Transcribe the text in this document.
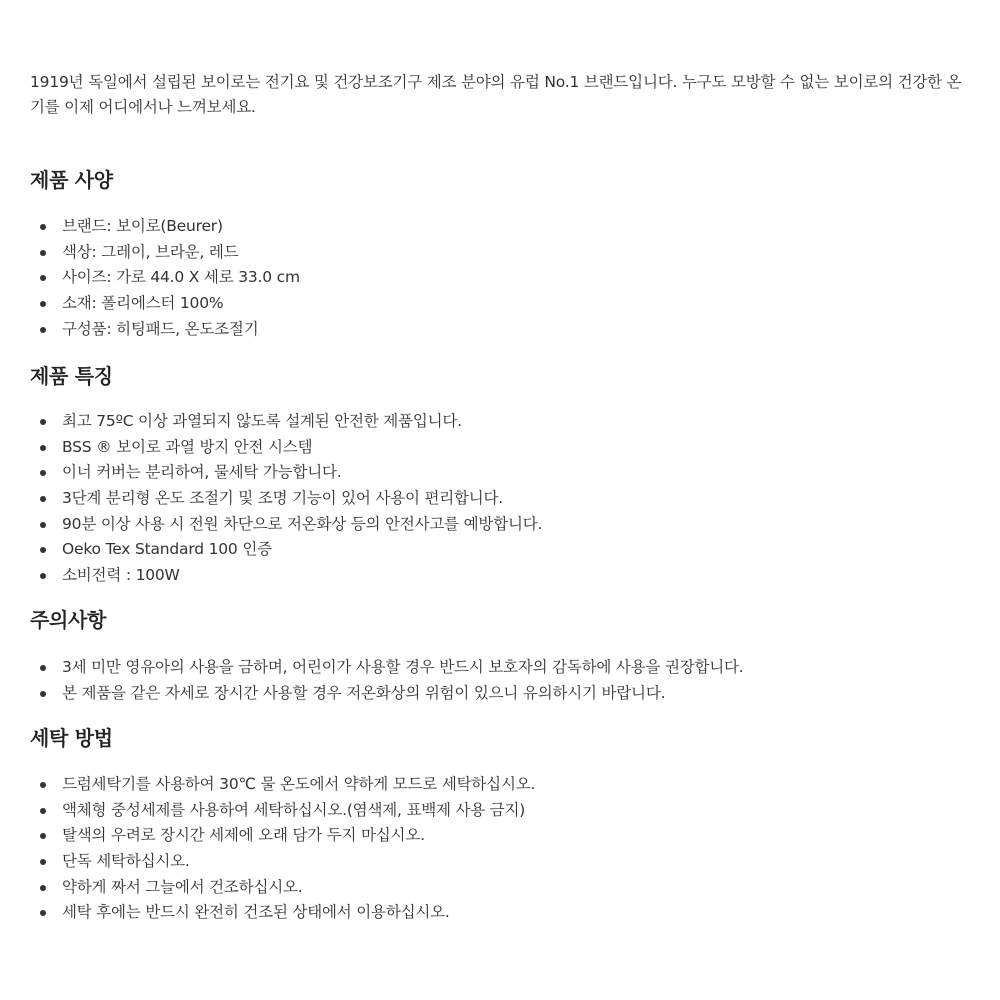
1919년 독일에서 설립된 보이로는 전기요 및 건강보조기구 제조 분야의 유럽 No.1 브랜드입니다. 누구도 모방할 수 없는 보이로의 건강한 온기를 이제 어디에서나 느껴보세요.

제품 사양
브랜드: 보이로(Beurer)
색상: 그레이, 브라운, 레드
사이즈: 가로 44.0 X 세로 33.0 cm
소재: 폴리에스터 100%
구성품: 히팅패드, 온도조절기
제품 특징
최고 75ºC 이상 과열되지 않도록 설계된 안전한 제품입니다.
BSS ® 보이로 과열 방지 안전 시스템
이너 커버는 분리하여, 물세탁 가능합니다.
3단계 분리형 온도 조절기 및 조명 기능이 있어 사용이 편리합니다.
90분 이상 사용 시 전원 차단으로 저온화상 등의 안전사고를 예방합니다.
Oeko Tex Standard 100 인증
소비전력 : 100W
주의사항
3세 미만 영유아의 사용을 금하며, 어린이가 사용할 경우 반드시 보호자의 감독하에 사용을 권장합니다.
본 제품을 같은 자세로 장시간 사용할 경우 저온화상의 위험이 있으니 유의하시기 바랍니다.
세탁 방법
드럼세탁기를 사용하여 30℃ 물 온도에서 약하게 모드로 세탁하십시오.
액체형 중성세제를 사용하여 세탁하십시오.(염색제, 표백제 사용 금지)
탈색의 우려로 장시간 세제에 오래 담가 두지 마십시오.
단독 세탁하십시오.
약하게 짜서 그늘에서 건조하십시오.
세탁 후에는 반드시 완전히 건조된 상태에서 이용하십시오.
